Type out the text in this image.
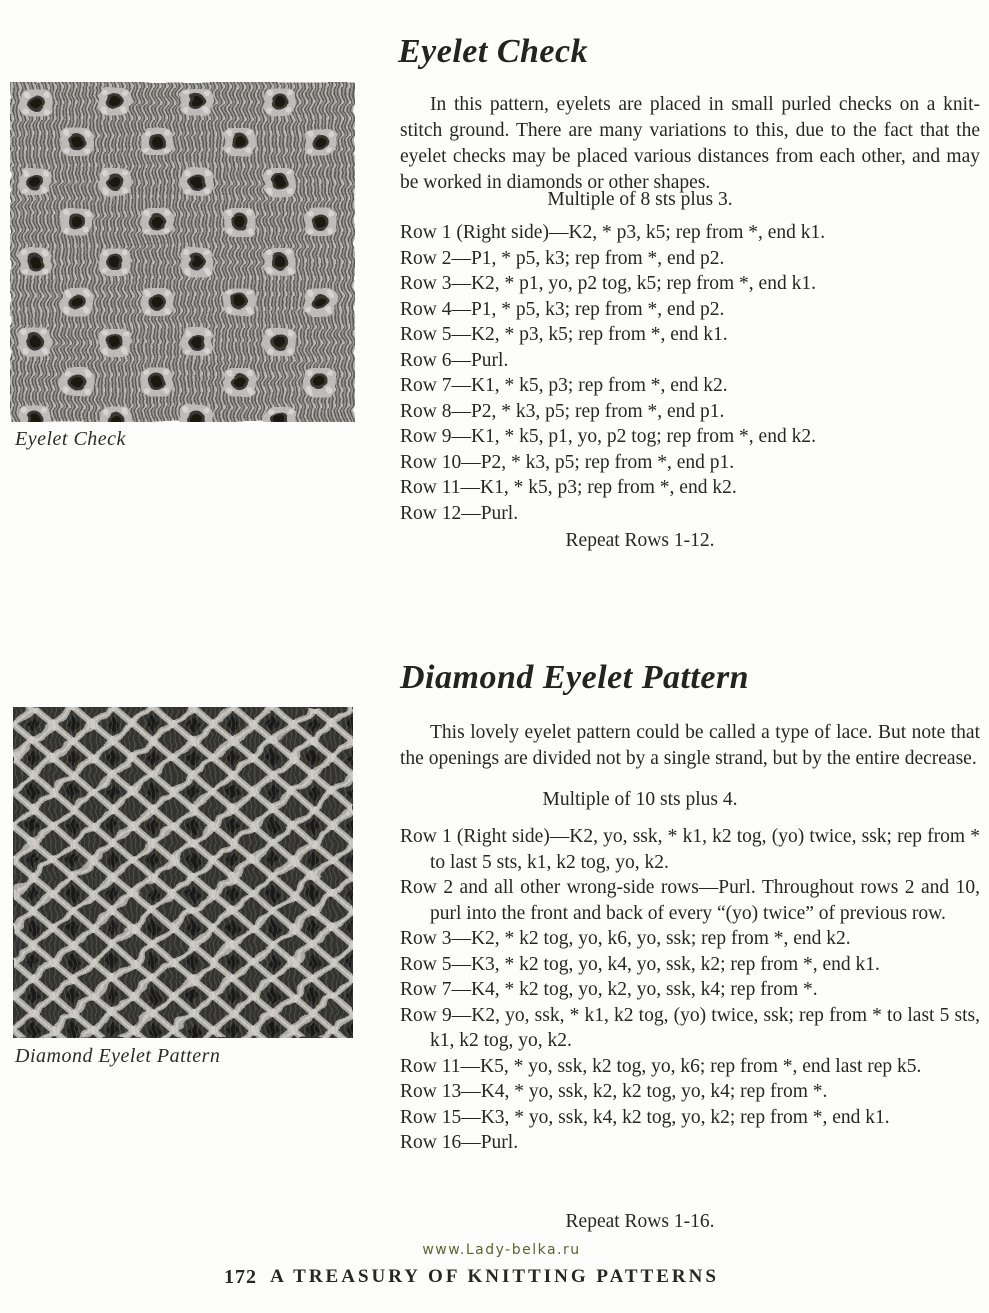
Eyelet Check
Eyelet Check

In this pattern, eyelets are placed in small purled checks on a knit-stitch ground. There are many variations to this, due to the fact that the eyelet checks may be placed various distances from each other, and may be worked in diamonds or other shapes.

Multiple of 8 sts plus 3.
Row 1 (Right side)—K2, * p3, k5; rep from *, end k1.
Row 2—P1, * p5, k3; rep from *, end p2.
Row 3—K2, * p1, yo, p2 tog, k5; rep from *, end k1.
Row 4—P1, * p5, k3; rep from *, end p2.
Row 5—K2, * p3, k5; rep from *, end k1.
Row 6—Purl.
Row 7—K1, * k5, p3; rep from *, end k2.
Row 8—P2, * k3, p5; rep from *, end p1.
Row 9—K1, * k5, p1, yo, p2 tog; rep from *, end k2.
Row 10—P2, * k3, p5; rep from *, end p1.
Row 11—K1, * k5, p3; rep from *, end k2.
Row 12—Purl.
Repeat Rows 1-12.
Diamond Eyelet Pattern
Diamond Eyelet Pattern

This lovely eyelet pattern could be called a type of lace. But note that the openings are divided not by a single strand, but by the entire decrease.

Multiple of 10 sts plus 4.
Row 1 (Right side)—K2, yo, ssk, * k1, k2 tog, (yo) twice, ssk; rep from * to last 5 sts, k1, k2 tog, yo, k2.
Row 2 and all other wrong-side rows—Purl. Throughout rows 2 and 10, purl into the front and back of every “(yo) twice” of previous row.
Row 3—K2, * k2 tog, yo, k6, yo, ssk; rep from *, end k2.
Row 5—K3, * k2 tog, yo, k4, yo, ssk, k2; rep from *, end k1.
Row 7—K4, * k2 tog, yo, k2, yo, ssk, k4; rep from *.
Row 9—K2, yo, ssk, * k1, k2 tog, (yo) twice, ssk; rep from * to last 5 sts, k1, k2 tog, yo, k2.
Row 11—K5, * yo, ssk, k2 tog, yo, k6; rep from *, end last rep k5.
Row 13—K4, * yo, ssk, k2, k2 tog, yo, k4; rep from *.
Row 15—K3, * yo, ssk, k4, k2 tog, yo, k2; rep from *, end k1.
Row 16—Purl.
Repeat Rows 1-16.
www.Lady-belka.ru
172 A TREASURY OF KNITTING PATTERNS
